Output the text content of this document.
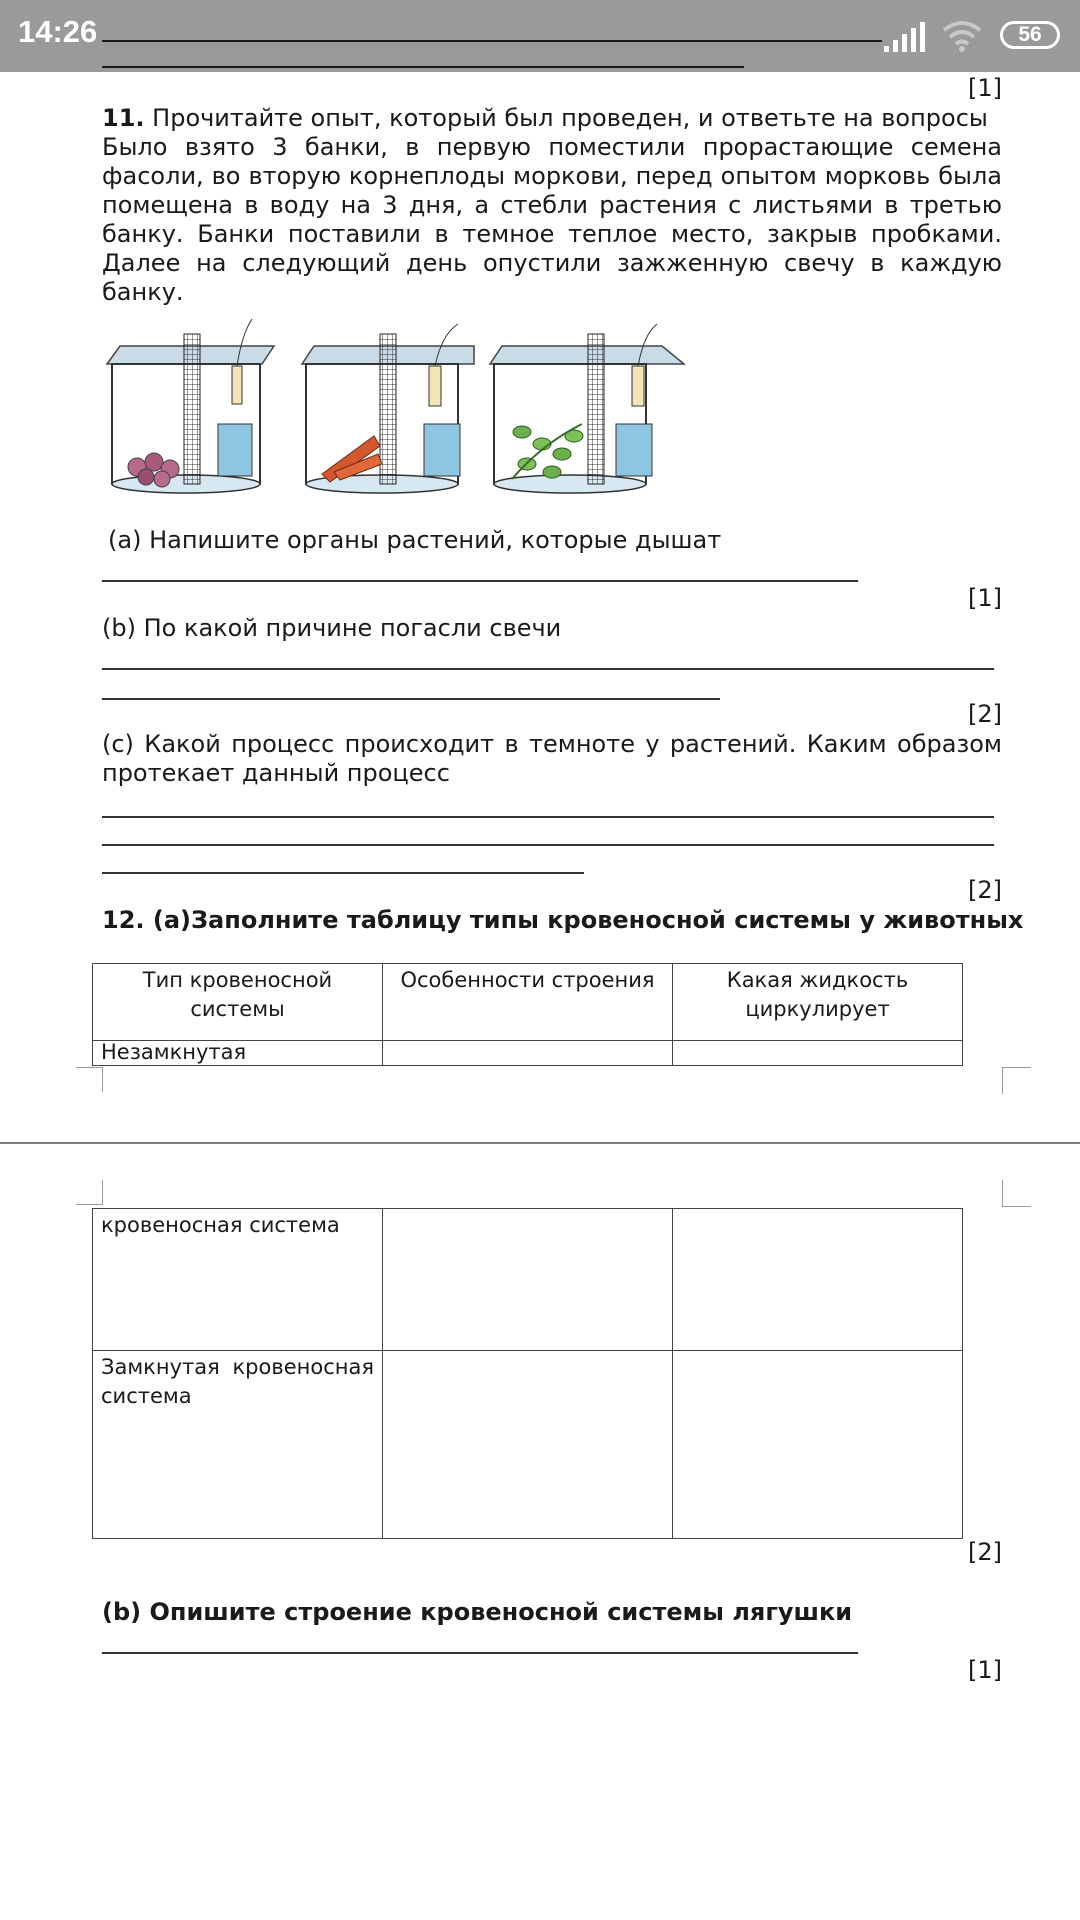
14:26	56
[1]
11. Прочитайте опыт, который был проведен, и ответьте на вопросы
Было взято 3 банки, в первую поместили прорастающие семена фасоли, во вторую корнеплоды моркови, перед опытом морковь была помещена в воду на 3 дня, а стебли растения с листьями в третью банку. Банки поставили в темное теплое место, закрыв пробками. Далее на следующий день опустили зажженную свечу в каждую банку.
(а) Напишите органы растений, которые дышат
[1]
(b) По какой причине погасли свечи
[2]
(с) Какой процесс происходит в темноте у растений. Каким образом протекает данный процесс
[2]
12. (а)Заполните таблицу типы кровеносной системы у животных
Тип кровеносной системы	Особенности строения	Какая жидкость циркулирует
Незамкнутая		
кровеносная система		
Замкнутая кровеносная система		
[2]
(b) Опишите строение кровеносной системы лягушки
[1]
